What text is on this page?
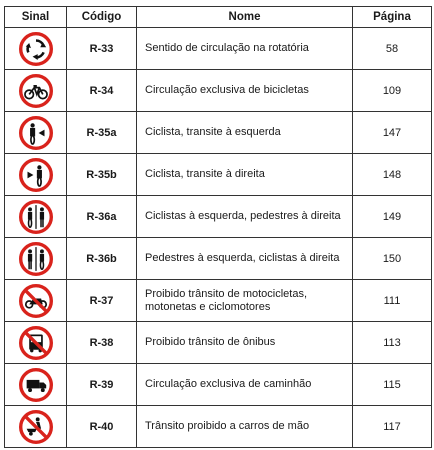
Sinal	Código	Nome	Página

	R-33	Sentido de circulação na rotatória	58

	R-34	Circulação exclusiva de bicicletas	109

	R-35a	Ciclista, transite à esquerda	147

	R-35b	Ciclista, transite à direita	148

	R-36a	Ciclistas à esquerda, pedestres à direita	149

	R-36b	Pedestres à esquerda, ciclistas à direita	150

	R-37	Proibido trânsito de motocicletas, motonetas e ciclomotores	111

	R-38	Proibido trânsito de ônibus	113

	R-39	Circulação exclusiva de caminhão	115

	R-40	Trânsito proibido a carros de mão	117
